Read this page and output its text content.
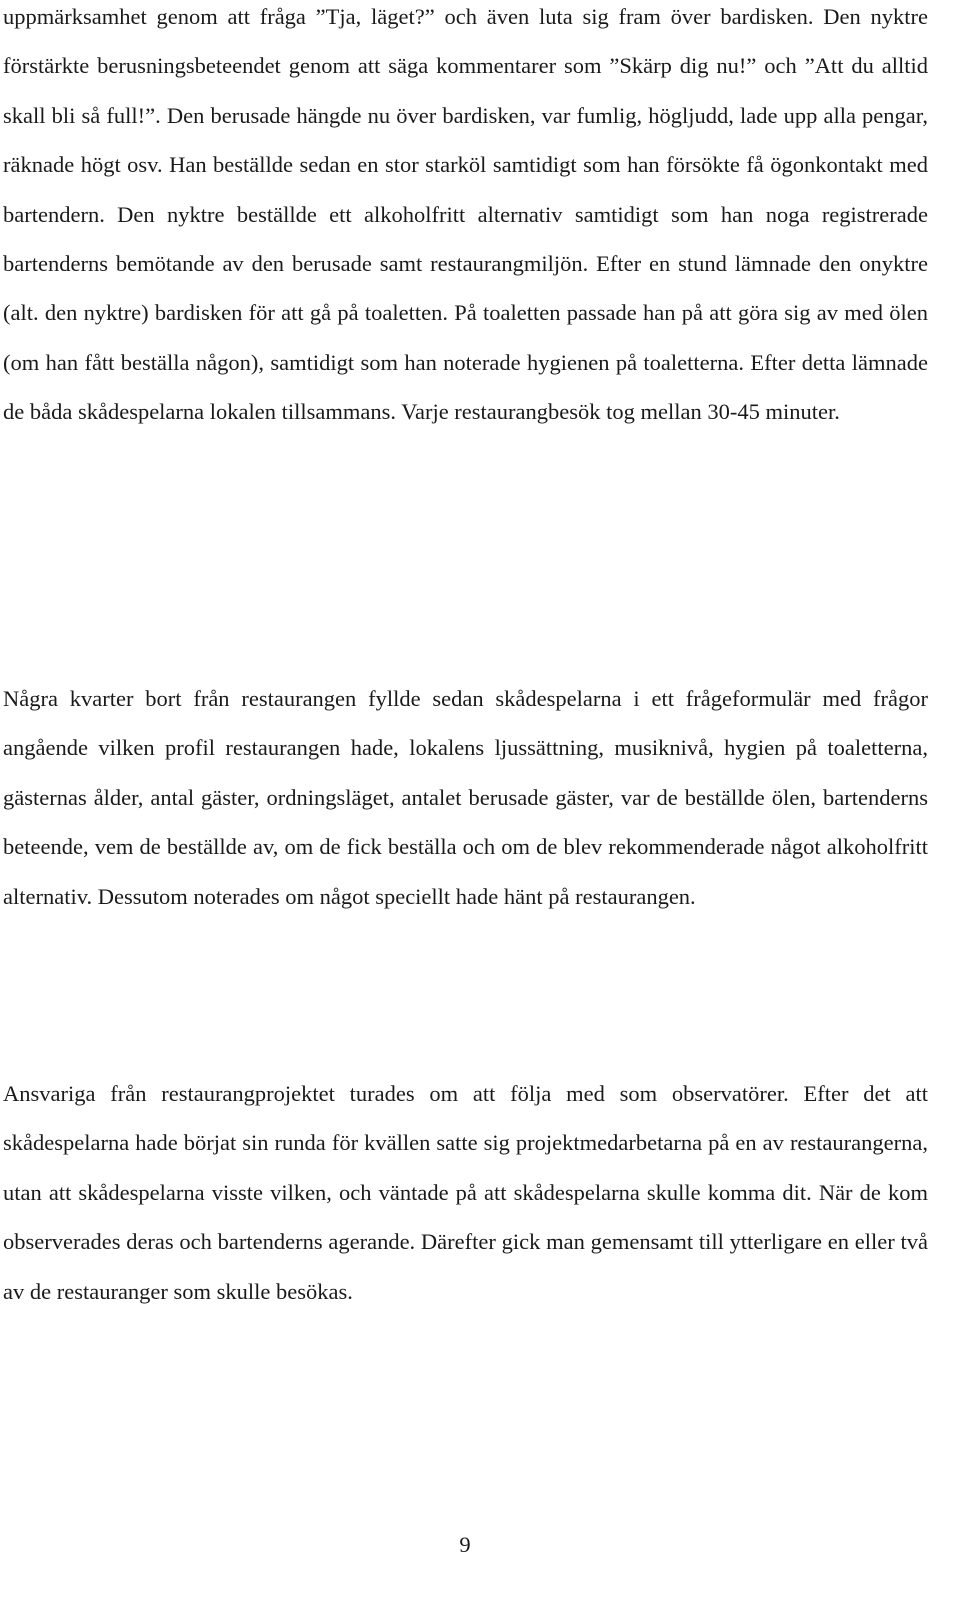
uppmärksamhet genom att fråga ”Tja, läget?” och även luta sig fram över bardisken. Den nyktre förstärkte berusningsbeteendet genom att säga kommentarer som ”Skärp dig nu!” och ”Att du alltid skall bli så full!”. Den berusade hängde nu över bardisken, var fumlig, högljudd, lade upp alla pengar, räknade högt osv. Han beställde sedan en stor starköl samtidigt som han försökte få ögonkontakt med bartendern. Den nyktre beställde ett alkoholfritt alternativ samtidigt som han noga registrerade bartenderns bemötande av den berusade samt restaurangmiljön. Efter en stund lämnade den onyktre (alt. den nyktre) bardisken för att gå på toaletten. På toaletten passade han på att göra sig av med ölen (om han fått beställa någon), samtidigt som han noterade hygienen på toaletterna. Efter detta lämnade de båda skådespelarna lokalen tillsammans. Varje restaurangbesök tog mellan 30-45 minuter.

Några kvarter bort från restaurangen fyllde sedan skådespelarna i ett frågeformulär med frågor angående vilken profil restaurangen hade, lokalens ljussättning, musiknivå, hygien på toaletterna, gästernas ålder, antal gäster, ordningsläget, antalet berusade gäster, var de beställde ölen, bartenderns beteende, vem de beställde av, om de fick beställa och om de blev rekommenderade något alkoholfritt alternativ. Dessutom noterades om något speciellt hade hänt på restaurangen.

Ansvariga från restaurangprojektet turades om att följa med som observatörer. Efter det att skådespelarna hade börjat sin runda för kvällen satte sig projektmedarbetarna på en av restaurangerna, utan att skådespelarna visste vilken, och väntade på att skådespelarna skulle komma dit. När de kom observerades deras och bartenderns agerande. Därefter gick man gemensamt till ytterligare en eller två av de restauranger som skulle besökas.

9
